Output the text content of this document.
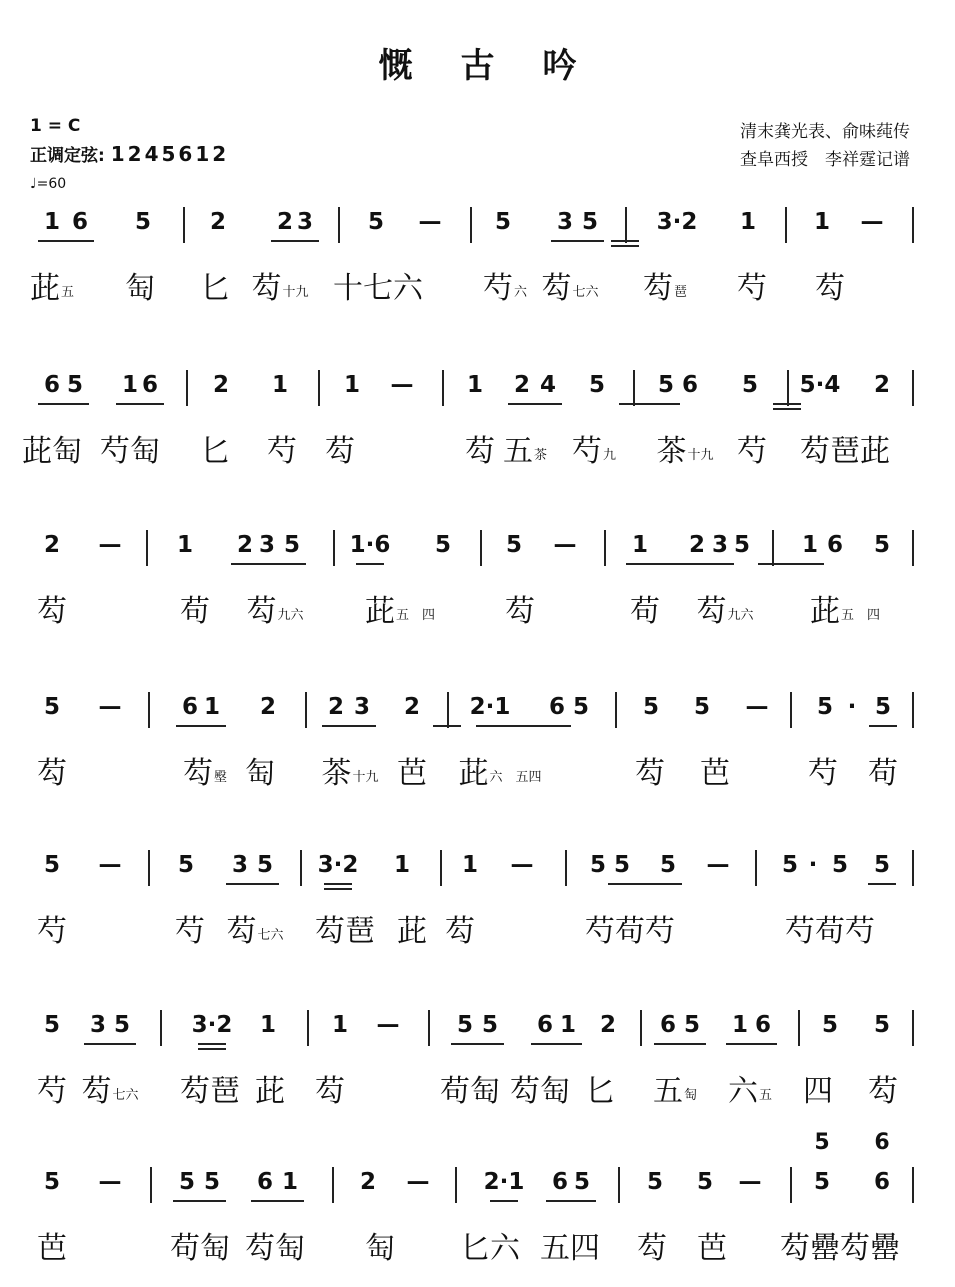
慨古吟
1 = C
正调定弦: 1245612
♩=60
清末龚光表、俞味莼传
查阜西授　李祥霆记谱
1 6 5	2 2 3 5 — 5 3 5	3·2 1	1 —
茈五 匋 匕 芶十九 十七六 芍六 芶七六 芶琶 芍 芶
6 5 1 6 2 1 1 — 1 2 4 5 5 6 5 5·4 2
茈匋 芍匋 匕 芍 芶	芶 五茶 芍九 茶十九 芍 芶琶茈
2 — 1 2 3 5 1·6 5 5 — 1 2 3 5 1 6 5
芶	苟 芶九六 茈五　四 芶	苟 芶九六 茈五　四
5 —	6 1 2 2 3 2 2·1 6 5 5 5 — 5 · 5
芶	芶壂 匋 茶十九 芭 茈六　五四	芶 芭	芍 苟
5 — 5 3 5 3·2 1 1 — 5 5 5 — 5 · 5 5
芍	芍 芶七六 芶琶 茈 芶	芍苟芍	芍苟芍
5 3 5	3·2 1 1 — 5 5 6 1 2 6 5 1 6 5 5
芍 芶七六 芶琶 茈 芶	苟匋 芶匋 匕 五匋 六五 四 芶
5 — 5 5 6 1	2 — 2·1 6 5 5 5 — 5 6
5 6
芭	苟匋 芶匋 匋 匕六 五四 芶 芭 芶罍 芶罍
